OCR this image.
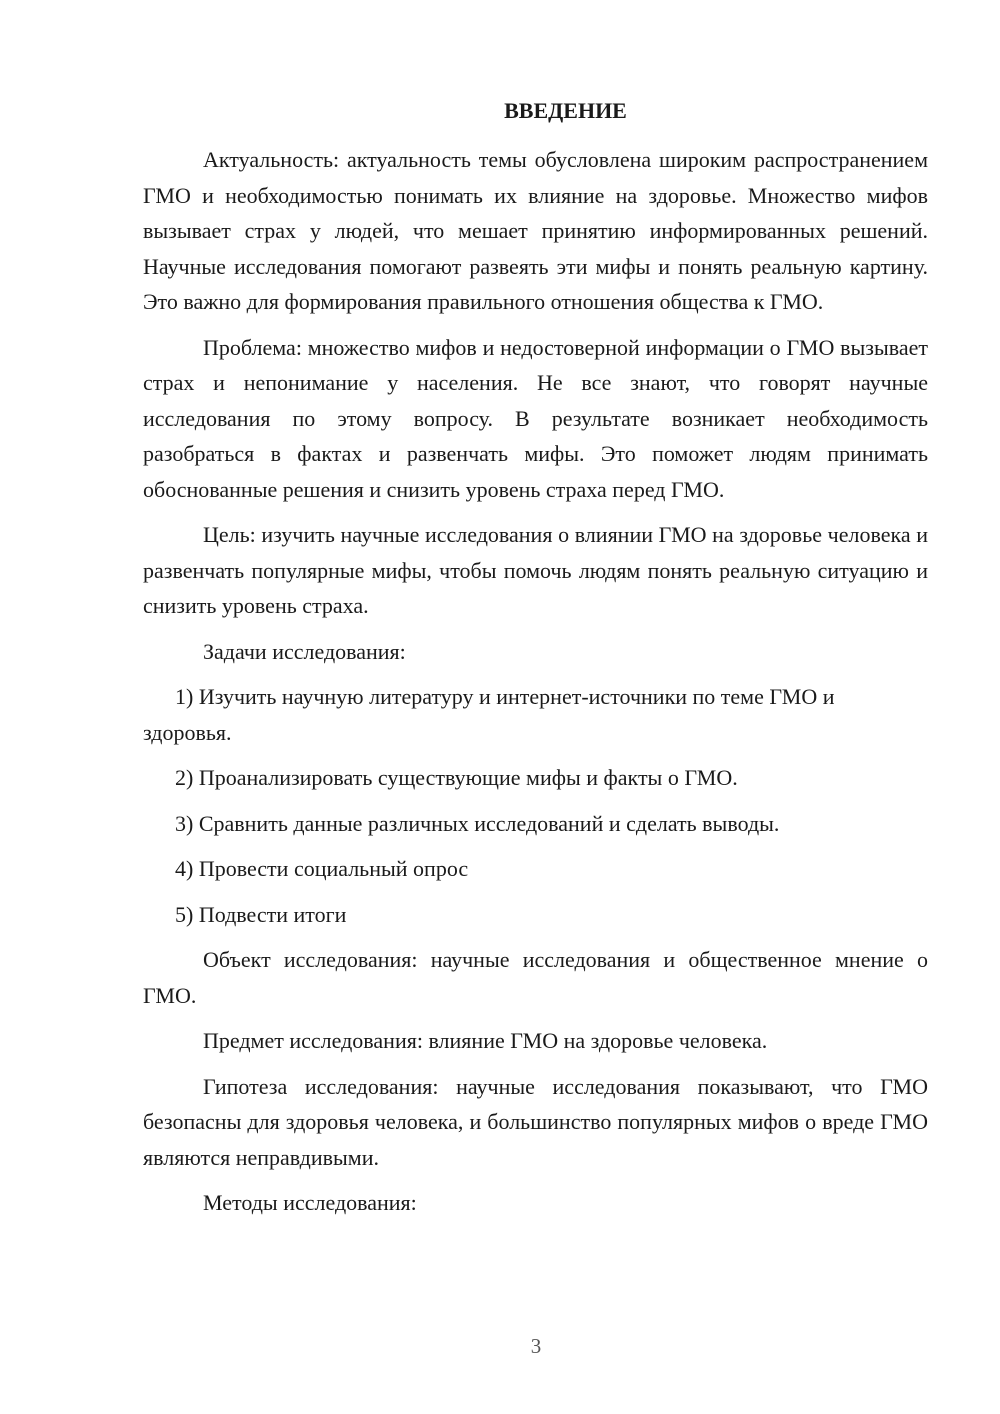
ВВЕДЕНИЕ

Актуальность: актуальность темы обусловлена широким распространением ГМО и необходимостью понимать их влияние на здоровье. Множество мифов вызывает страх у людей, что мешает принятию информированных решений. Научные исследования помогают развеять эти мифы и понять реальную картину. Это важно для формирования правильного отношения общества к ГМО.

Проблема: множество мифов и недостоверной информации о ГМО вызывает страх и непонимание у населения. Не все знают, что говорят научные исследования по этому вопросу. В результате возникает необходимость разобраться в фактах и развенчать мифы. Это поможет людям принимать обоснованные решения и снизить уровень страха перед ГМО.

Цель: изучить научные исследования о влиянии ГМО на здоровье человека и развенчать популярные мифы, чтобы помочь людям понять реальную ситуацию и снизить уровень страха.

Задачи исследования:

1) Изучить научную литературу и интернет-источники по теме ГМО и здоровья.

2) Проанализировать существующие мифы и факты о ГМО.

3) Сравнить данные различных исследований и сделать выводы.

4) Провести социальный опрос

5) Подвести итоги

Объект исследования: научные исследования и общественное мнение о ГМО.

Предмет исследования: влияние ГМО на здоровье человека.

Гипотеза исследования: научные исследования показывают, что ГМО безопасны для здоровья человека, и большинство популярных мифов о вреде ГМО являются неправдивыми.

Методы исследования:

3
